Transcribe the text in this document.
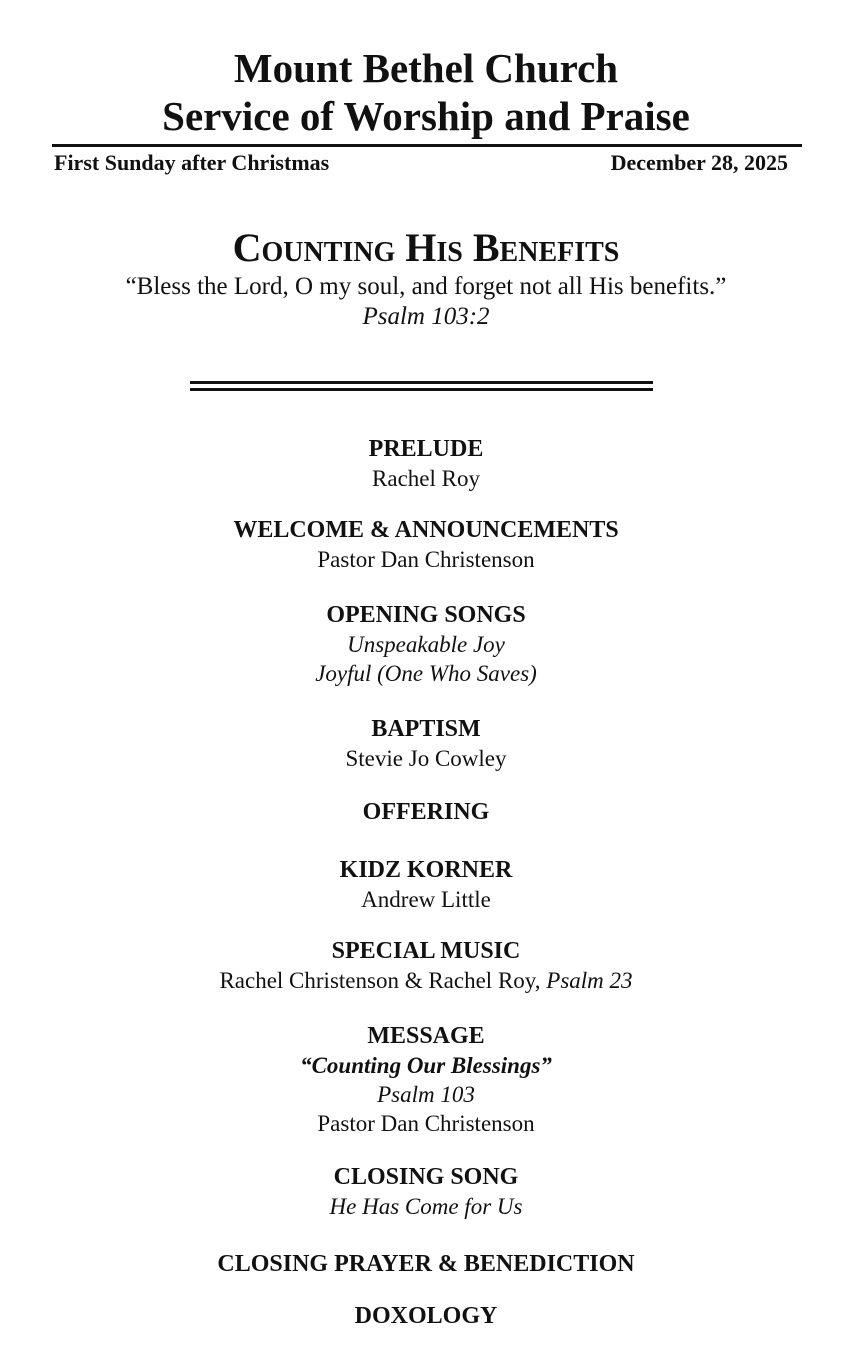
Mount Bethel Church
Service of Worship and Praise
First Sunday after Christmas	December 28, 2025
Counting His Benefits
“Bless the Lord, O my soul, and forget not all His benefits.”
Psalm 103:2
PRELUDE
Rachel Roy
WELCOME & ANNOUNCEMENTS
Pastor Dan Christenson
OPENING SONGS
Unspeakable Joy
Joyful (One Who Saves)
BAPTISM
Stevie Jo Cowley
OFFERING
KIDZ KORNER
Andrew Little
SPECIAL MUSIC
Rachel Christenson & Rachel Roy, Psalm 23
MESSAGE
“Counting Our Blessings”
Psalm 103
Pastor Dan Christenson
CLOSING SONG
He Has Come for Us
CLOSING PRAYER & BENEDICTION
DOXOLOGY
